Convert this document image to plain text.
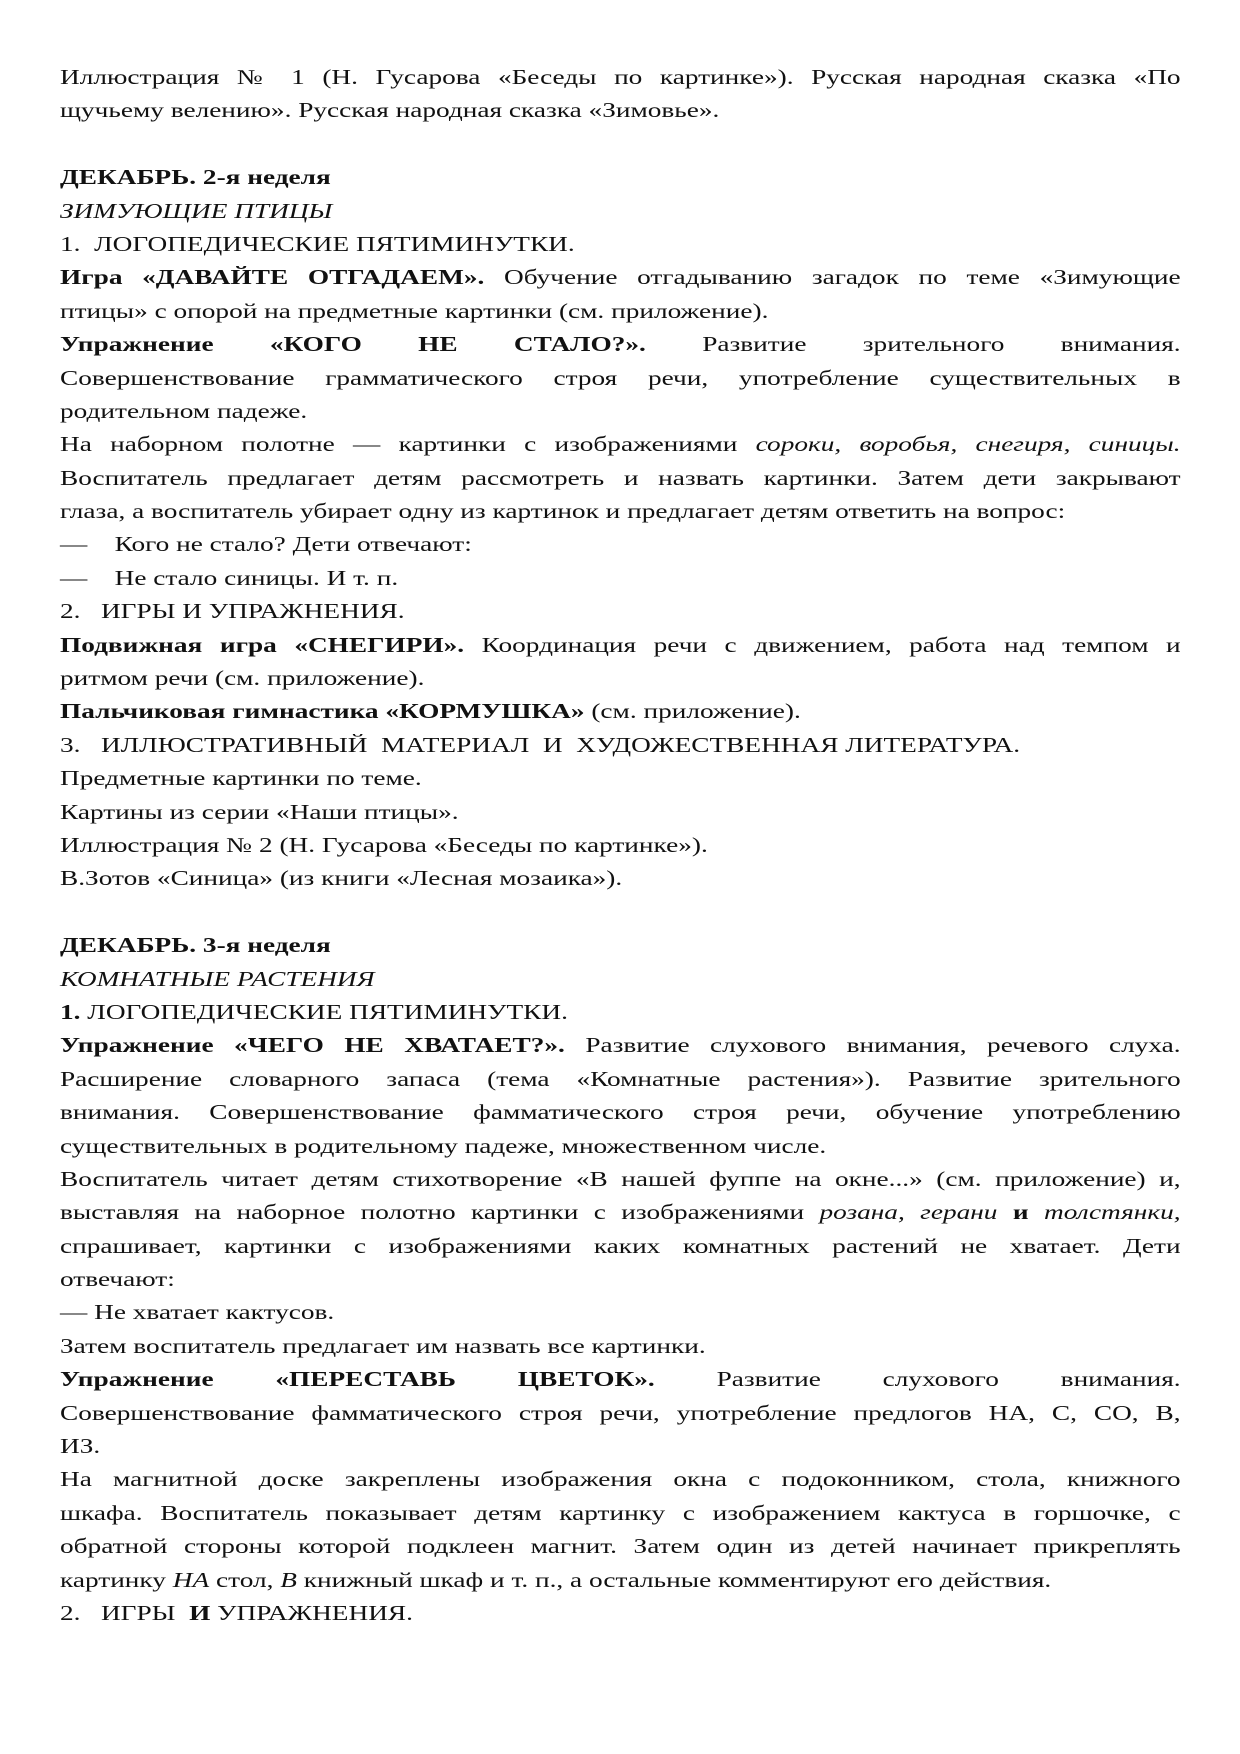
Иллюстрация № 1 (Н. Гусарова «Беседы по картинке»). Русская народная сказка «По
щучьему велению». Русская народная сказка «Зимовье».
ДЕКАБРЬ. 2-я неделя
ЗИМУЮЩИЕ ПТИЦЫ
1.  ЛОГОПЕДИЧЕСКИЕ ПЯТИМИНУТКИ.
Игра «ДАВАЙТЕ ОТГАДАЕМ». Обучение отгадыванию загадок по теме «Зимующие
птицы» с опорой на предметные картинки (см. приложение).
Упражнение «КОГО НЕ СТАЛО?». Развитие зрительного внимания.
Совершенствование грамматического строя речи, употребление существительных в
родительном падеже.
На наборном полотне — картинки с изображениями сороки, воробья, снегиря, синицы.
Воспитатель предлагает детям рассмотреть и назвать картинки. Затем дети закрывают
глаза, а воспитатель убирает одну из картинок и предлагает детям ответить на вопрос:
—    Кого не стало? Дети отвечают:
—    Не стало синицы. И т. п.
2.   ИГРЫ И УПРАЖНЕНИЯ.
Подвижная игра «СНЕГИРИ». Координация речи с движением, работа над темпом и
ритмом речи (см. приложение).
Пальчиковая гимнастика «КОРМУШКА» (см. приложение).
3.   ИЛЛЮСТРАТИВНЫЙ  МАТЕРИАЛ  И  ХУДОЖЕСТВЕННАЯ ЛИТЕРАТУРА.
Предметные картинки по теме.
Картины из серии «Наши птицы».
Иллюстрация № 2 (Н. Гусарова «Беседы по картинке»).
В.Зотов «Синица» (из книги «Лесная мозаика»).
ДЕКАБРЬ. 3-я неделя
КОМНАТНЫЕ РАСТЕНИЯ
1. ЛОГОПЕДИЧЕСКИЕ ПЯТИМИНУТКИ.
Упражнение «ЧЕГО НЕ ХВАТАЕТ?». Развитие слухового внимания, речевого слуха.
Расширение словарного запаса (тема «Комнатные растения»). Развитие зрительного
внимания. Совершенствование фамматического строя речи, обучение употреблению
существительных в родительному падеже, множественном числе.
Воспитатель читает детям стихотворение «В нашей фуппе на окне...» (см. приложение) и,
выставляя на наборное полотно картинки с изображениями розана, герани и толстянки,
спрашивает, картинки с изображениями каких комнатных растений не хватает. Дети
отвечают:
— Не хватает кактусов.
Затем воспитатель предлагает им назвать все картинки.
Упражнение «ПЕРЕСТАВЬ ЦВЕТОК». Развитие слухового внимания.
Совершенствование фамматического строя речи, употребление предлогов НА, С, СО, В,
ИЗ.
На магнитной доске закреплены изображения окна с подоконником, стола, книжного
шкафа. Воспитатель показывает детям картинку с изображением кактуса в горшочке, с
обратной стороны которой подклеен магнит. Затем один из детей начинает прикреплять
картинку НА стол, В книжный шкаф и т. п., а остальные комментируют его действия.
2.   ИГРЫ  И УПРАЖНЕНИЯ.
